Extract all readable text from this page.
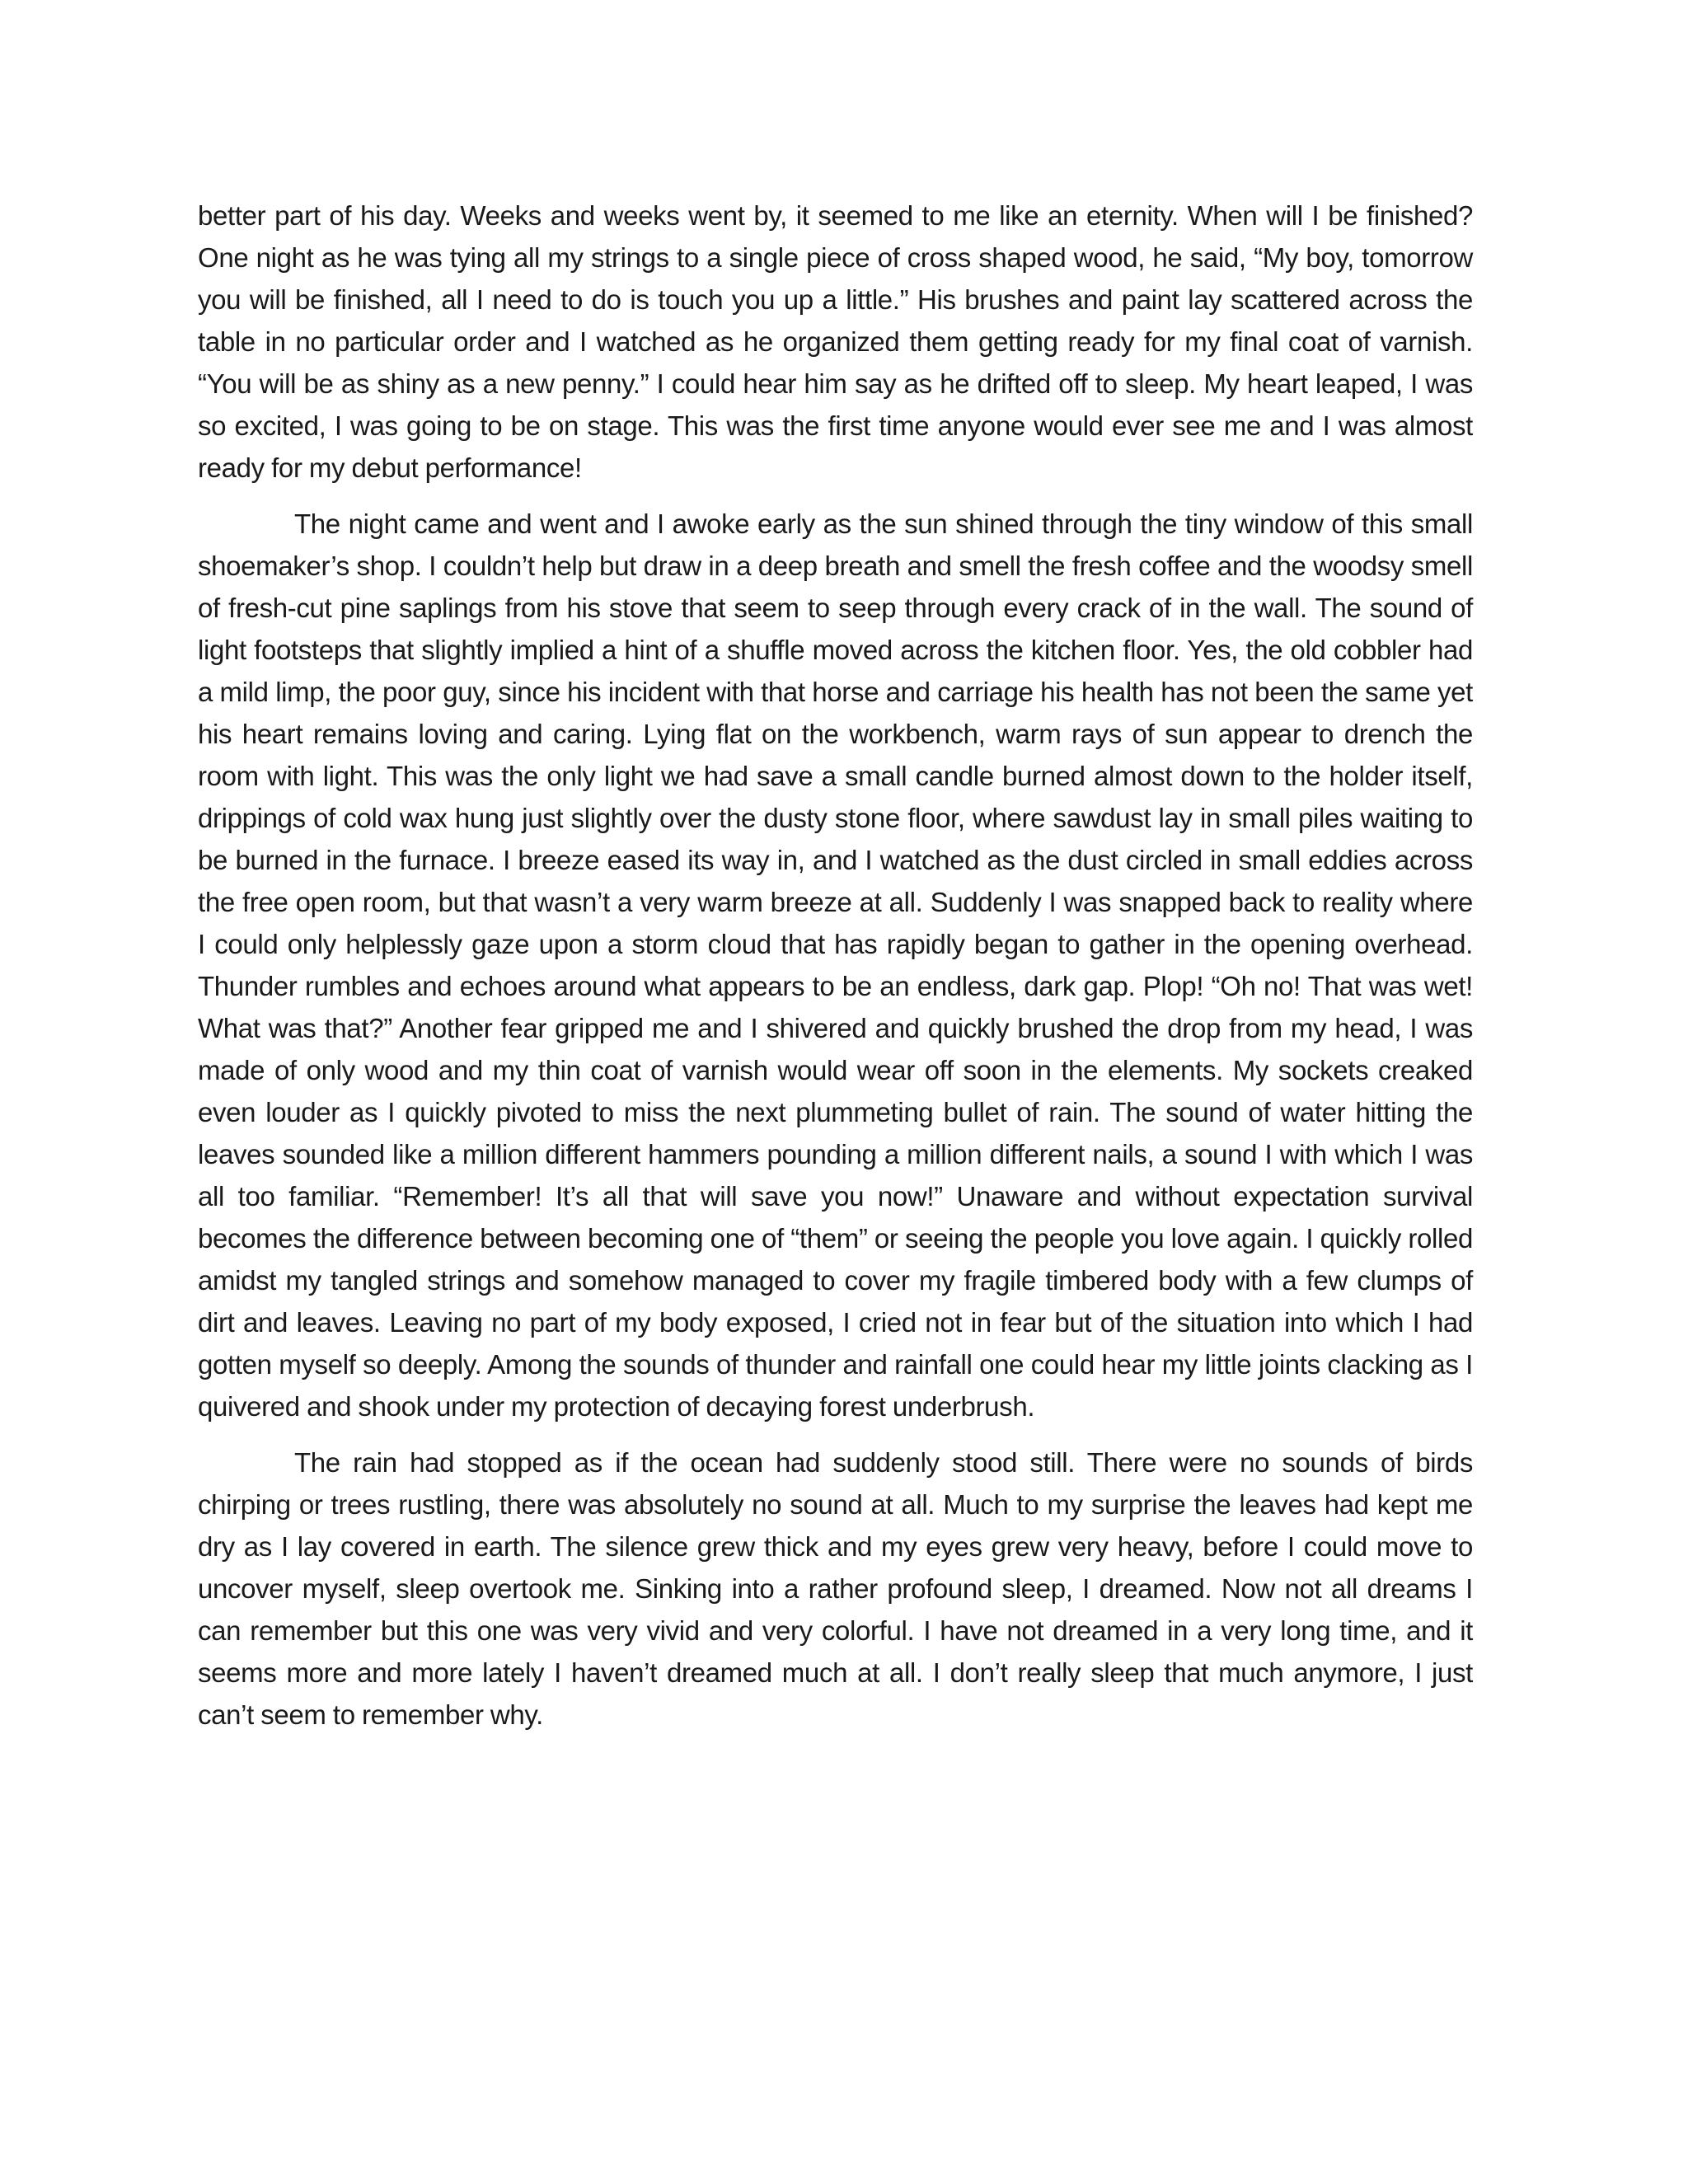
better part of his day. Weeks and weeks went by, it seemed to me like an eternity. When will I be finished? One night as he was tying all my strings to a single piece of cross shaped wood, he said, “My boy, tomorrow you will be finished, all I need to do is touch you up a little.” His brushes and paint lay scattered across the table in no particular order and I watched as he organized them getting ready for my final coat of varnish. “You will be as shiny as a new penny.” I could hear him say as he drifted off to sleep. My heart leaped, I was so excited, I was going to be on stage. This was the first time anyone would ever see me and I was almost ready for my debut performance!

The night came and went and I awoke early as the sun shined through the tiny window of this small shoemaker’s shop. I couldn’t help but draw in a deep breath and smell the fresh coffee and the woodsy smell of fresh-cut pine saplings from his stove that seem to seep through every crack of in the wall. The sound of light footsteps that slightly implied a hint of a shuffle moved across the kitchen floor. Yes, the old cobbler had a mild limp, the poor guy, since his incident with that horse and carriage his health has not been the same yet his heart remains loving and caring. Lying flat on the workbench, warm rays of sun appear to drench the room with light. This was the only light we had save a small candle burned almost down to the holder itself, drippings of cold wax hung just slightly over the dusty stone floor, where sawdust lay in small piles waiting to be burned in the furnace. I breeze eased its way in, and I watched as the dust circled in small eddies across the free open room, but that wasn’t a very warm breeze at all. Suddenly I was snapped back to reality where I could only helplessly gaze upon a storm cloud that has rapidly began to gather in the opening overhead. Thunder rumbles and echoes around what appears to be an endless, dark gap. Plop! “Oh no! That was wet! What was that?” Another fear gripped me and I shivered and quickly brushed the drop from my head, I was made of only wood and my thin coat of varnish would wear off soon in the elements. My sockets creaked even louder as I quickly pivoted to miss the next plummeting bullet of rain. The sound of water hitting the leaves sounded like a million different hammers pounding a million different nails, a sound I with which I was all too familiar. “Remember! It’s all that will save you now!” Unaware and without expectation survival becomes the difference between becoming one of “them” or seeing the people you love again. I quickly rolled amidst my tangled strings and somehow managed to cover my fragile timbered body with a few clumps of dirt and leaves. Leaving no part of my body exposed, I cried not in fear but of the situation into which I had gotten myself so deeply. Among the sounds of thunder and rainfall one could hear my little joints clacking as I quivered and shook under my protection of decaying forest underbrush.

The rain had stopped as if the ocean had suddenly stood still. There were no sounds of birds chirping or trees rustling, there was absolutely no sound at all. Much to my surprise the leaves had kept me dry as I lay covered in earth. The silence grew thick and my eyes grew very heavy, before I could move to uncover myself, sleep overtook me. Sinking into a rather profound sleep, I dreamed. Now not all dreams I can remember but this one was very vivid and very colorful. I have not dreamed in a very long time, and it seems more and more lately I haven’t dreamed much at all. I don’t really sleep that much anymore, I just can’t seem to remember why.
